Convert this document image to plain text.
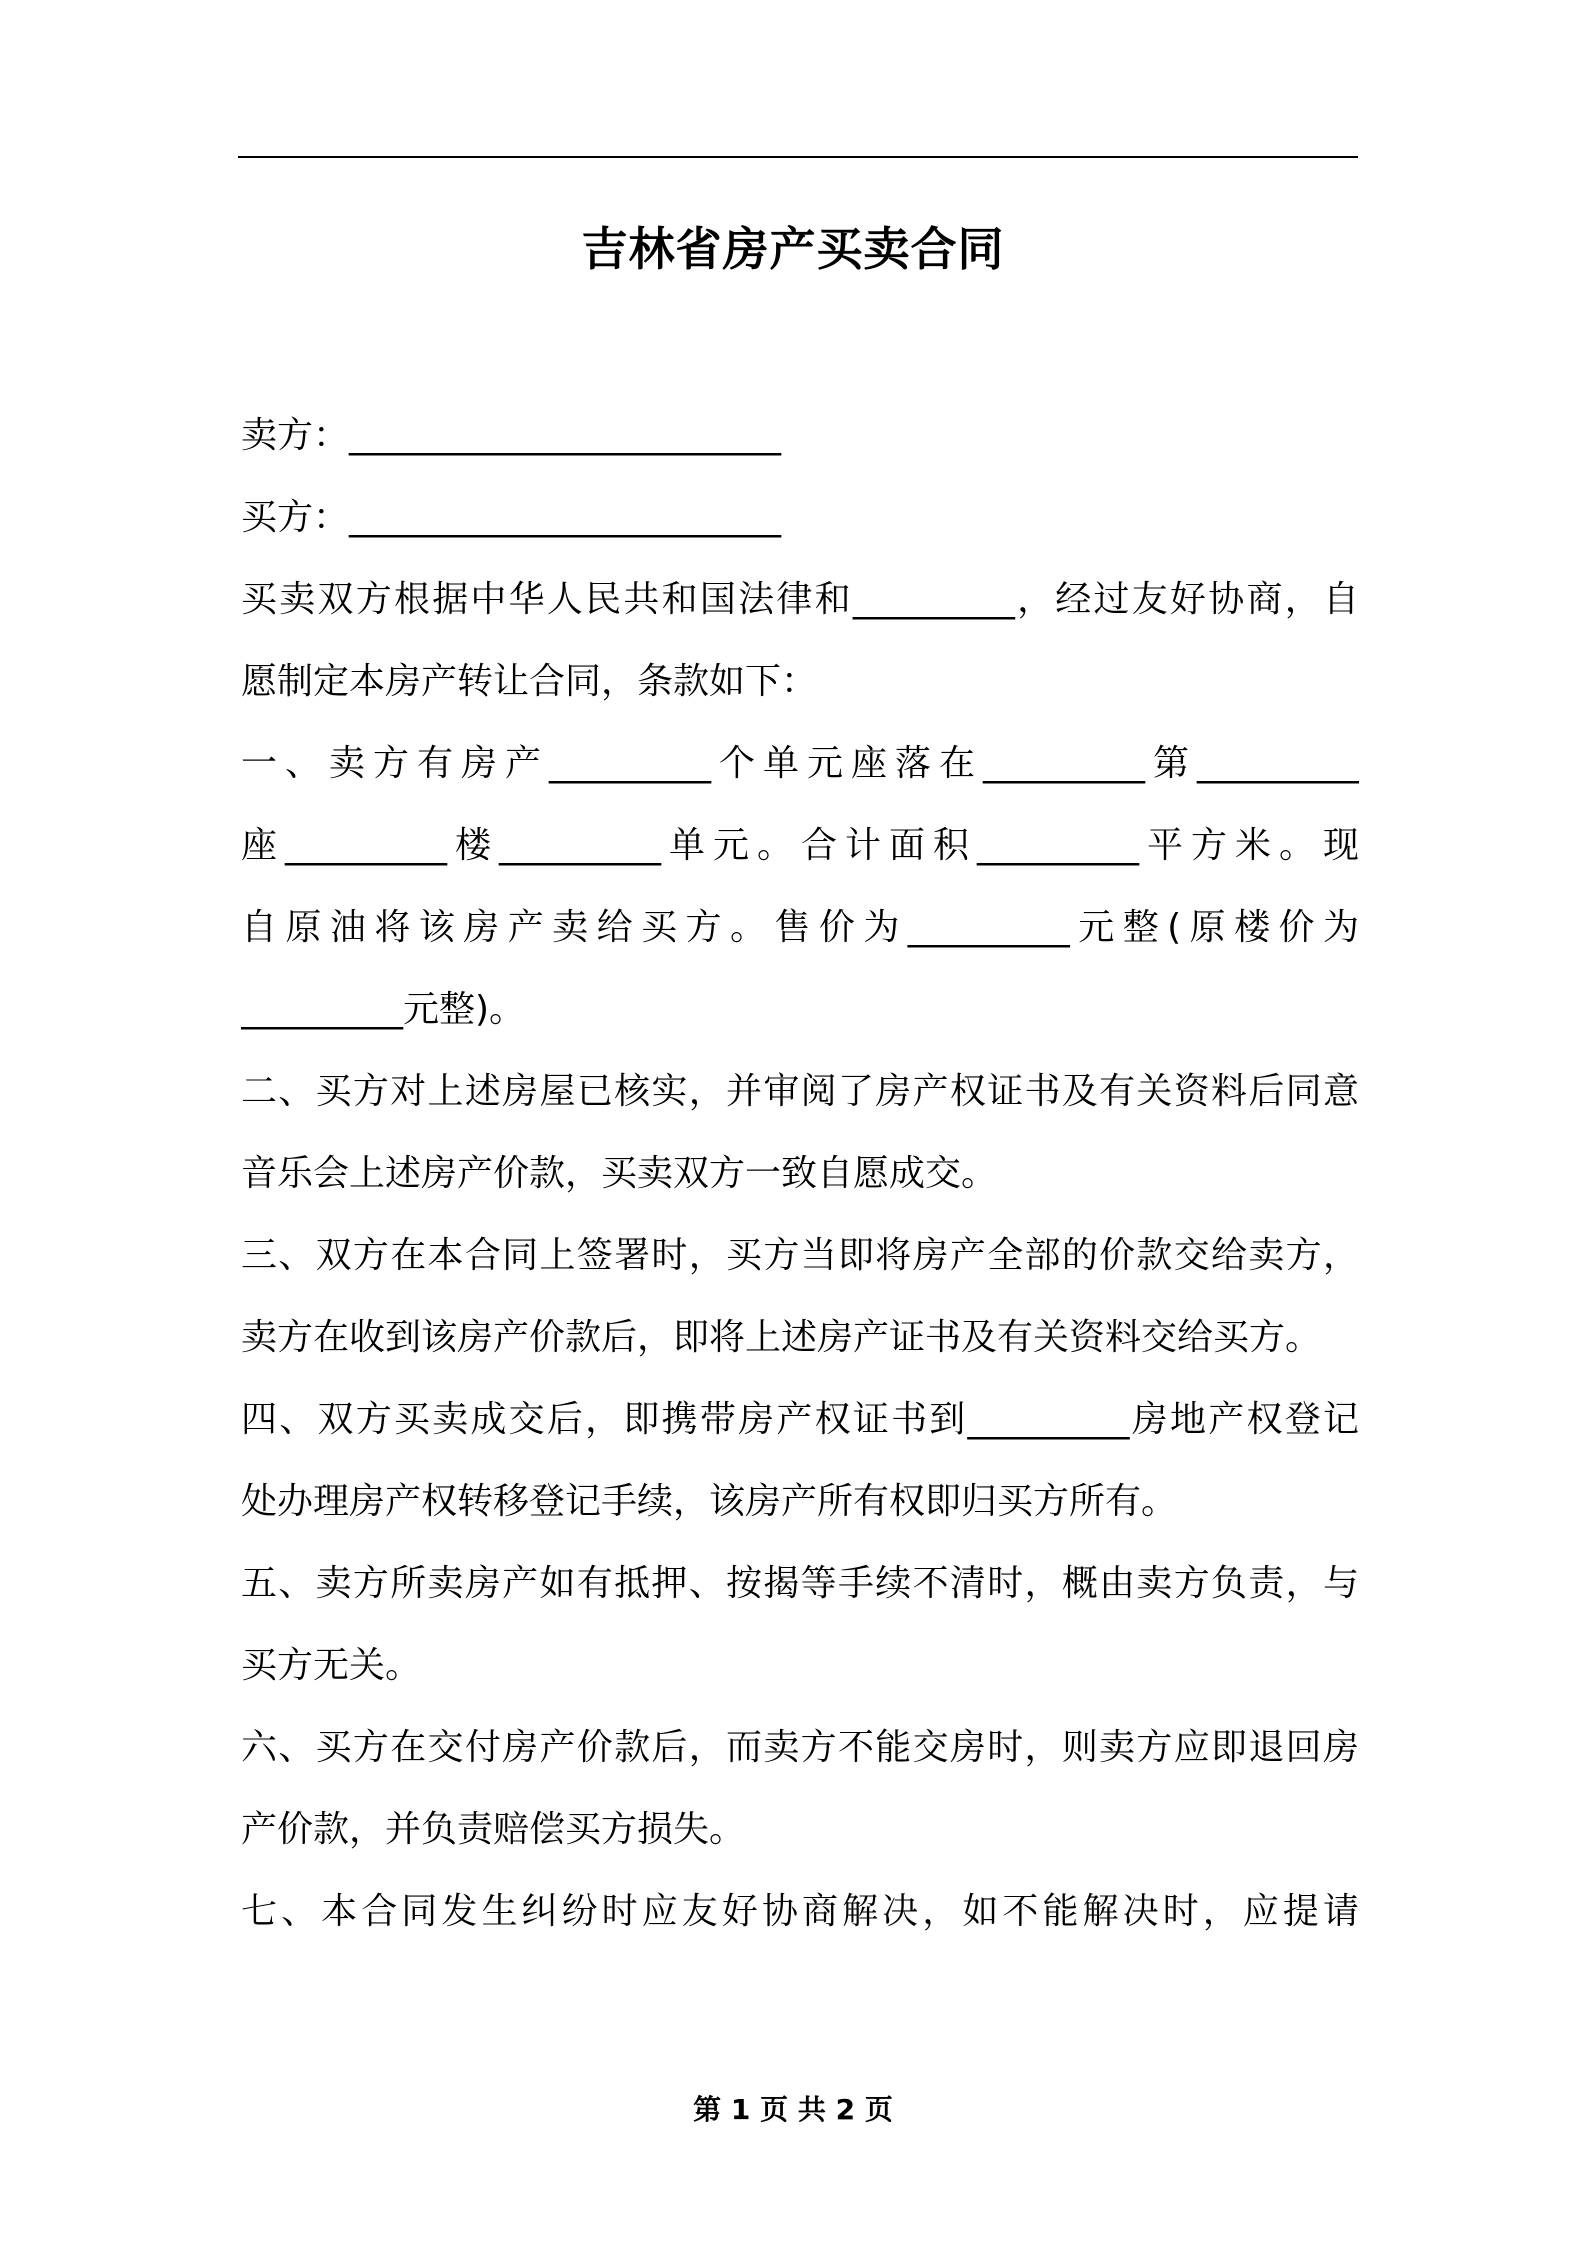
吉林省房产买卖合同
卖方：________________________
买方：________________________
买卖双方根据中华人民共和国法律和_________，经过友好协商，自
愿制定本房产转让合同，条款如下：
一、卖方有房产_________个单元座落在_________第_________
座_________楼_________单元。合计面积_________平方米。现
自原油将该房产卖给买方。售价为_________元整(原楼价为
_________元整)。
二、买方对上述房屋已核实，并审阅了房产权证书及有关资料后同意
音乐会上述房产价款，买卖双方一致自愿成交。
三、双方在本合同上签署时，买方当即将房产全部的价款交给卖方，
卖方在收到该房产价款后，即将上述房产证书及有关资料交给买方。
四、双方买卖成交后，即携带房产权证书到_________房地产权登记
处办理房产权转移登记手续，该房产所有权即归买方所有。
五、卖方所卖房产如有抵押、按揭等手续不清时，概由卖方负责，与
买方无关。
六、买方在交付房产价款后，而卖方不能交房时，则卖方应即退回房
产价款，并负责赔偿买方损失。
七、本合同发生纠纷时应友好协商解决，如不能解决时，应提请
第 1 页 共 2 页
